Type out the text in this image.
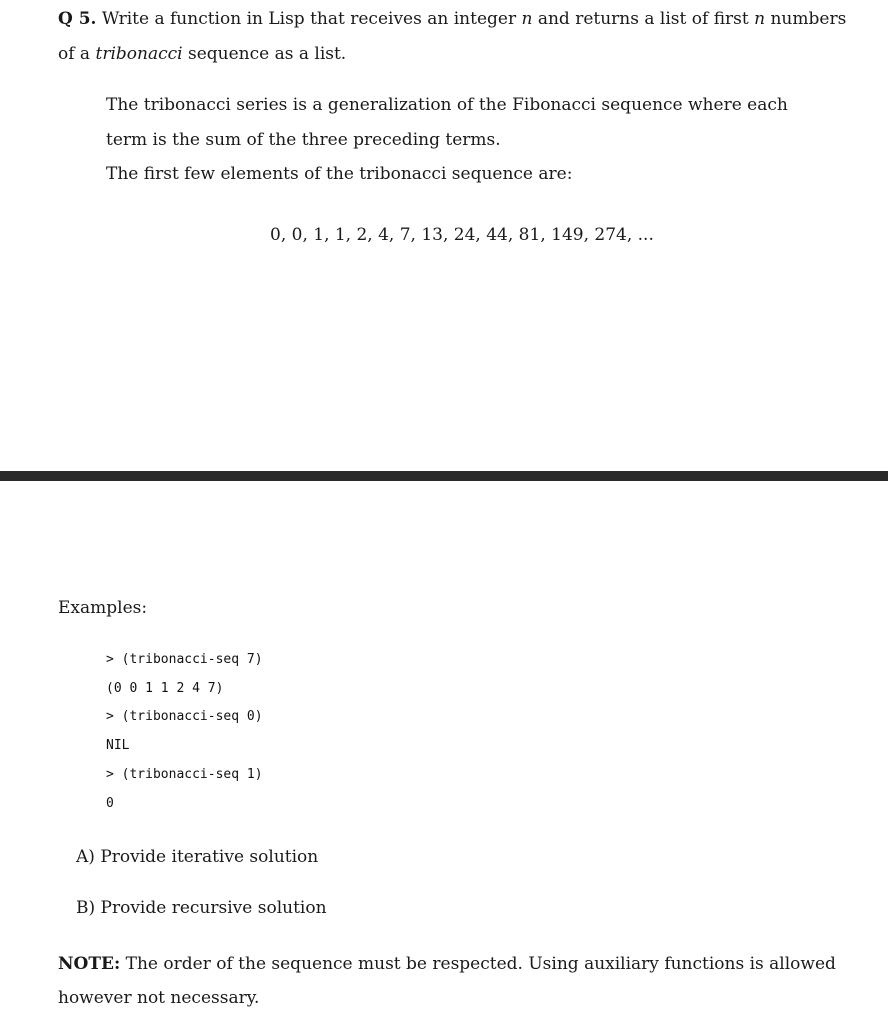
Q 5. Write a function in Lisp that receives an integer n and returns a list of first n numbers
of a tribonacci sequence as a list.
The tribonacci series is a generalization of the Fibonacci sequence where each
term is the sum of the three preceding terms.
The first few elements of the tribonacci sequence are:
0, 0, 1, 1, 2, 4, 7, 13, 24, 44, 81, 149, 274, ...
Examples:
> (tribonacci-seq 7)
(0 0 1 1 2 4 7)
> (tribonacci-seq 0)
NIL
> (tribonacci-seq 1)
0
A) Provide iterative solution
B) Provide recursive solution
NOTE: The order of the sequence must be respected. Using auxiliary functions is allowed
however not necessary.
